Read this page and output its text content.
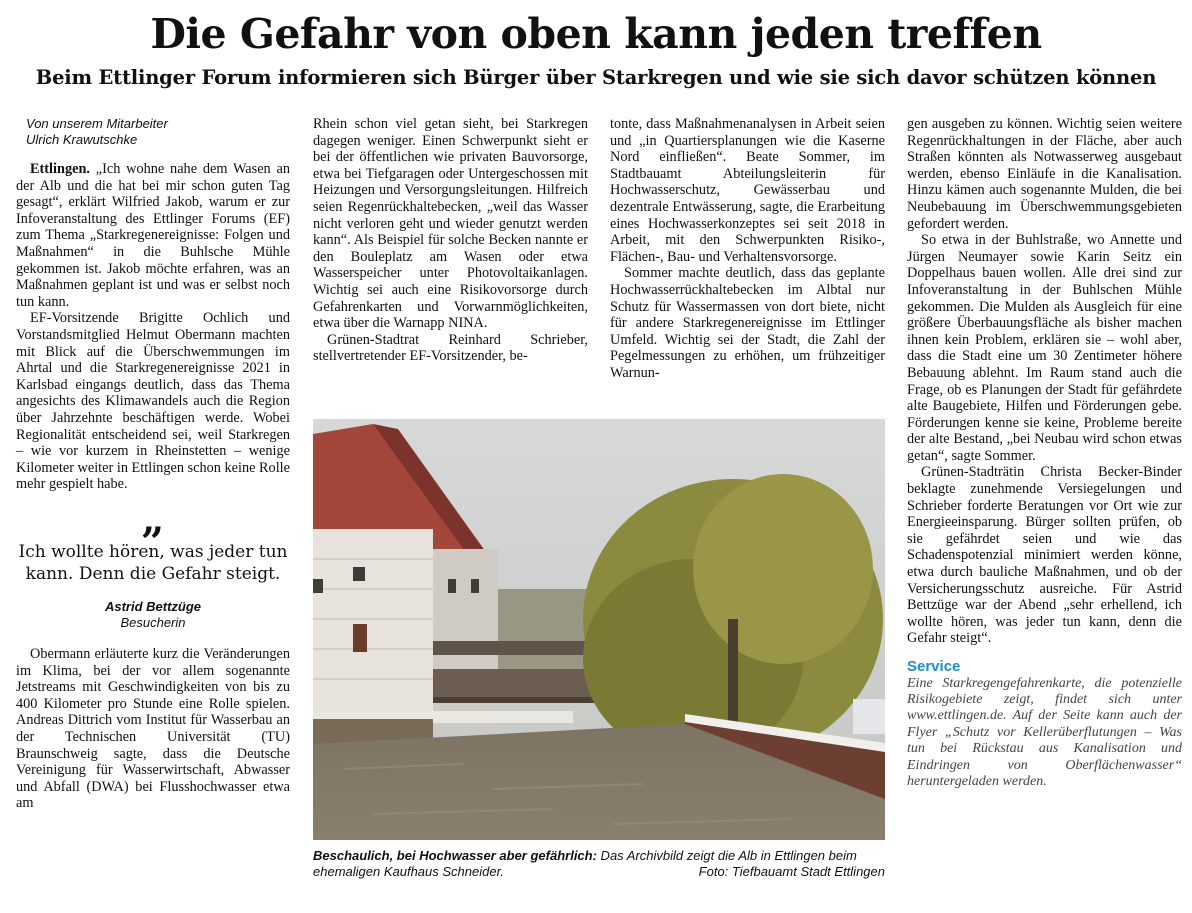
Die Gefahr von oben kann jeden treffen
Beim Ettlinger Forum informieren sich Bürger über Starkregen und wie sie sich davor schützen können
Von unserem Mitarbeiter
Ulrich Krawutschke

Ettlingen. „Ich wohne nahe dem Wasen an der Alb und die hat bei mir schon guten Tag gesagt“, erklärt Wilfried Jakob, warum er zur Infoveranstaltung des Ettlinger Forums (EF) zum Thema „Starkregenereignisse: Folgen und Maßnahmen“ in die Buhlsche Mühle gekommen ist. Jakob möchte erfahren, was an Maßnahmen geplant ist und was er selbst noch tun kann.

EF-Vorsitzende Brigitte Ochlich und Vorstandsmitglied Helmut Obermann machten mit Blick auf die Überschwemmungen im Ahrtal und die Starkregenereignisse 2021 in Karlsbad eingangs deutlich, dass das Thema angesichts des Klimawandels auch die Region über Jahrzehnte beschäftigen werde. Wobei Regionalität entscheidend sei, weil Starkregen – wie vor kurzem in Rheinstetten – wenige Kilometer weiter in Ettlingen schon keine Rolle mehr gespielt habe.

„
Ich wollte hören, was jeder tun kann. Denn die Gefahr steigt.
Astrid Bettzüge
Besucherin

Obermann erläuterte kurz die Veränderungen im Klima, bei der vor allem sogenannte Jetstreams mit Geschwindigkeiten von bis zu 400 Kilometer pro Stunde eine Rolle spielen. Andreas Dittrich vom Institut für Wasserbau an der Technischen Universität (TU) Braunschweig sagte, dass die Deutsche Vereinigung für Wasserwirtschaft, Abwasser und Abfall (DWA) bei Flusshochwasser etwa am

Rhein schon viel getan sieht, bei Starkregen dagegen weniger. Einen Schwerpunkt sieht er bei der öffentlichen wie privaten Bauvorsorge, etwa bei Tiefgaragen oder Untergeschossen mit Heizungen und Versorgungsleitungen. Hilfreich seien Regenrückhaltebecken, „weil das Wasser nicht verloren geht und wieder genutzt werden kann“. Als Beispiel für solche Becken nannte er den Bouleplatz am Wasen oder etwa Wasserspeicher unter Photovoltaikanlagen. Wichtig sei auch eine Risikovorsorge durch Gefahrenkarten und Vorwarnmöglichkeiten, etwa über die Warnapp NINA.

Grünen-Stadtrat Reinhard Schrieber, stellvertretender EF-Vorsitzender, be-

tonte, dass Maßnahmenanalysen in Arbeit seien und „in Quartiersplanungen wie die Kaserne Nord einfließen“. Beate Sommer, im Stadtbauamt Abteilungsleiterin für Hochwasserschutz, Gewässerbau und dezentrale Entwässerung, sagte, die Erarbeitung eines Hochwasserkonzeptes sei seit 2018 in Arbeit, mit den Schwerpunkten Risiko-, Flächen-, Bau- und Verhaltensvorsorge.

Sommer machte deutlich, dass das geplante Hochwasserrückhaltebecken im Albtal nur Schutz für Wassermassen von dort biete, nicht für andere Starkregenereignisse im Ettlinger Umfeld. Wichtig sei der Stadt, die Zahl der Pegelmessungen zu erhöhen, um frühzeitiger Warnun-

gen ausgeben zu können. Wichtig seien weitere Regenrückhaltungen in der Fläche, aber auch Straßen könnten als Notwasserweg ausgebaut werden, ebenso Einläufe in die Kanalisation. Hinzu kämen auch sogenannte Mulden, die bei Neubebauung im Überschwemmungsgebieten gefordert werden.

So etwa in der Buhlstraße, wo Annette und Jürgen Neumayer sowie Karin Seitz ein Doppelhaus bauen wollen. Alle drei sind zur Infoveranstaltung in der Buhlschen Mühle gekommen. Die Mulden als Ausgleich für eine größere Überbauungsfläche als bisher machen ihnen kein Problem, erklären sie – wohl aber, dass die Stadt eine um 30 Zentimeter höhere Bebauung ablehnt. Im Raum stand auch die Frage, ob es Planungen der Stadt für gefährdete alte Baugebiete, Hilfen und Förderungen gebe. Förderungen kenne sie keine, Probleme bereite der alte Bestand, „bei Neubau wird schon etwas getan“, sagte Sommer.

Grünen-Stadträtin Christa Becker-Binder beklagte zunehmende Versiegelungen und Schrieber forderte Beratungen vor Ort wie zur Energieeinsparung. Bürger sollten prüfen, ob sie gefährdet seien und wie das Schadenspotenzial minimiert werden könne, etwa durch bauliche Maßnahmen, und ob der Versicherungsschutz ausreiche. Für Astrid Bettzüge war der Abend „sehr erhellend, ich wollte hören, was jeder tun kann, denn die Gefahr steigt“.

Service

Eine Starkregengefahrenkarte, die potenzielle Risikogebiete zeigt, findet sich unter www.ettlingen.de. Auf der Seite kann auch der Flyer „Schutz vor Kellerüberflutungen – Was tun bei Rückstau aus Kanalisation und Eindringen von Oberflächenwasser“ heruntergeladen werden.

Beschaulich, bei Hochwasser aber gefährlich: Das Archivbild zeigt die Alb in Ettlingen beim ehemaligen Kaufhaus Schneider.	Foto: Tiefbauamt Stadt Ettlingen
